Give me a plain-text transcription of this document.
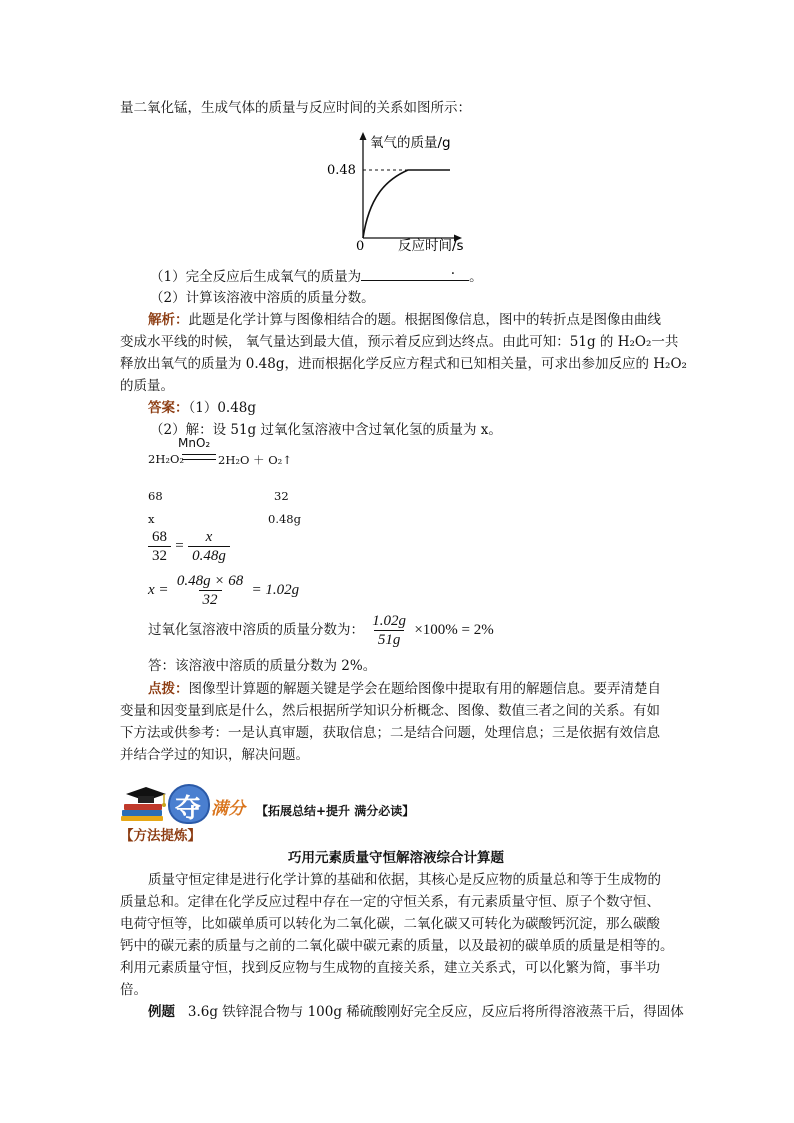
量二氧化锰，生成气体的质量与反应时间的关系如图所示：
氧气的质量/g
0.48
0 反应时间/s
（1）完全反应后生成氧气的质量为	. 。
（2）计算该溶液中溶质的质量分数。
解析：此题是化学计算与图像相结合的题。根据图像信息，图中的转折点是图像由曲线
变成水平线的时候， 氧气量达到最大值，预示着反应到达终点。由此可知：51g 的 H₂O₂一共
释放出氧气的质量为 0.48g，进而根据化学反应方程式和已知相关量，可求出参加反应的 H₂O₂
的质量。
答案：（1）0.48g
（2）解：设 51g 过氧化氢溶液中含过氧化氢的质量为 x。
MnO₂
2H₂O₂	2H₂O ＋ O₂↑
68	32
x	0.48g
$\frac{68}{32} = \frac{x}{0.48g}$
$x = \frac{0.48g \times 68}{32} = 1.02g$
过氧化氢溶液中溶质的质量分数为： $\frac{1.02g}{51g} \times 100\% = 2\%$
答：该溶液中溶质的质量分数为 2%。
点拨：图像型计算题的解题关键是学会在题给图像中提取有用的解题信息。要弄清楚自
变量和因变量到底是什么，然后根据所学知识分析概念、图像、数值三者之间的关系。有如
下方法或供参考：一是认真审题，获取信息；二是结合问题，处理信息；三是依据有效信息
并结合学过的知识，解决问题。
夺 满分 【拓展总结+提升 满分必读】
【方法提炼】
巧用元素质量守恒解溶液综合计算题
质量守恒定律是进行化学计算的基础和依据，其核心是反应物的质量总和等于生成物的
质量总和。定律在化学反应过程中存在一定的守恒关系，有元素质量守恒、原子个数守恒、
电荷守恒等，比如碳单质可以转化为二氧化碳，二氧化碳又可转化为碳酸钙沉淀，那么碳酸
钙中的碳元素的质量与之前的二氧化碳中碳元素的质量，以及最初的碳单质的质量是相等的。
利用元素质量守恒，找到反应物与生成物的直接关系，建立关系式，可以化繁为简，事半功
倍。
例题 3.6g 铁锌混合物与 100g 稀硫酸刚好完全反应，反应后将所得溶液蒸干后，得固体
